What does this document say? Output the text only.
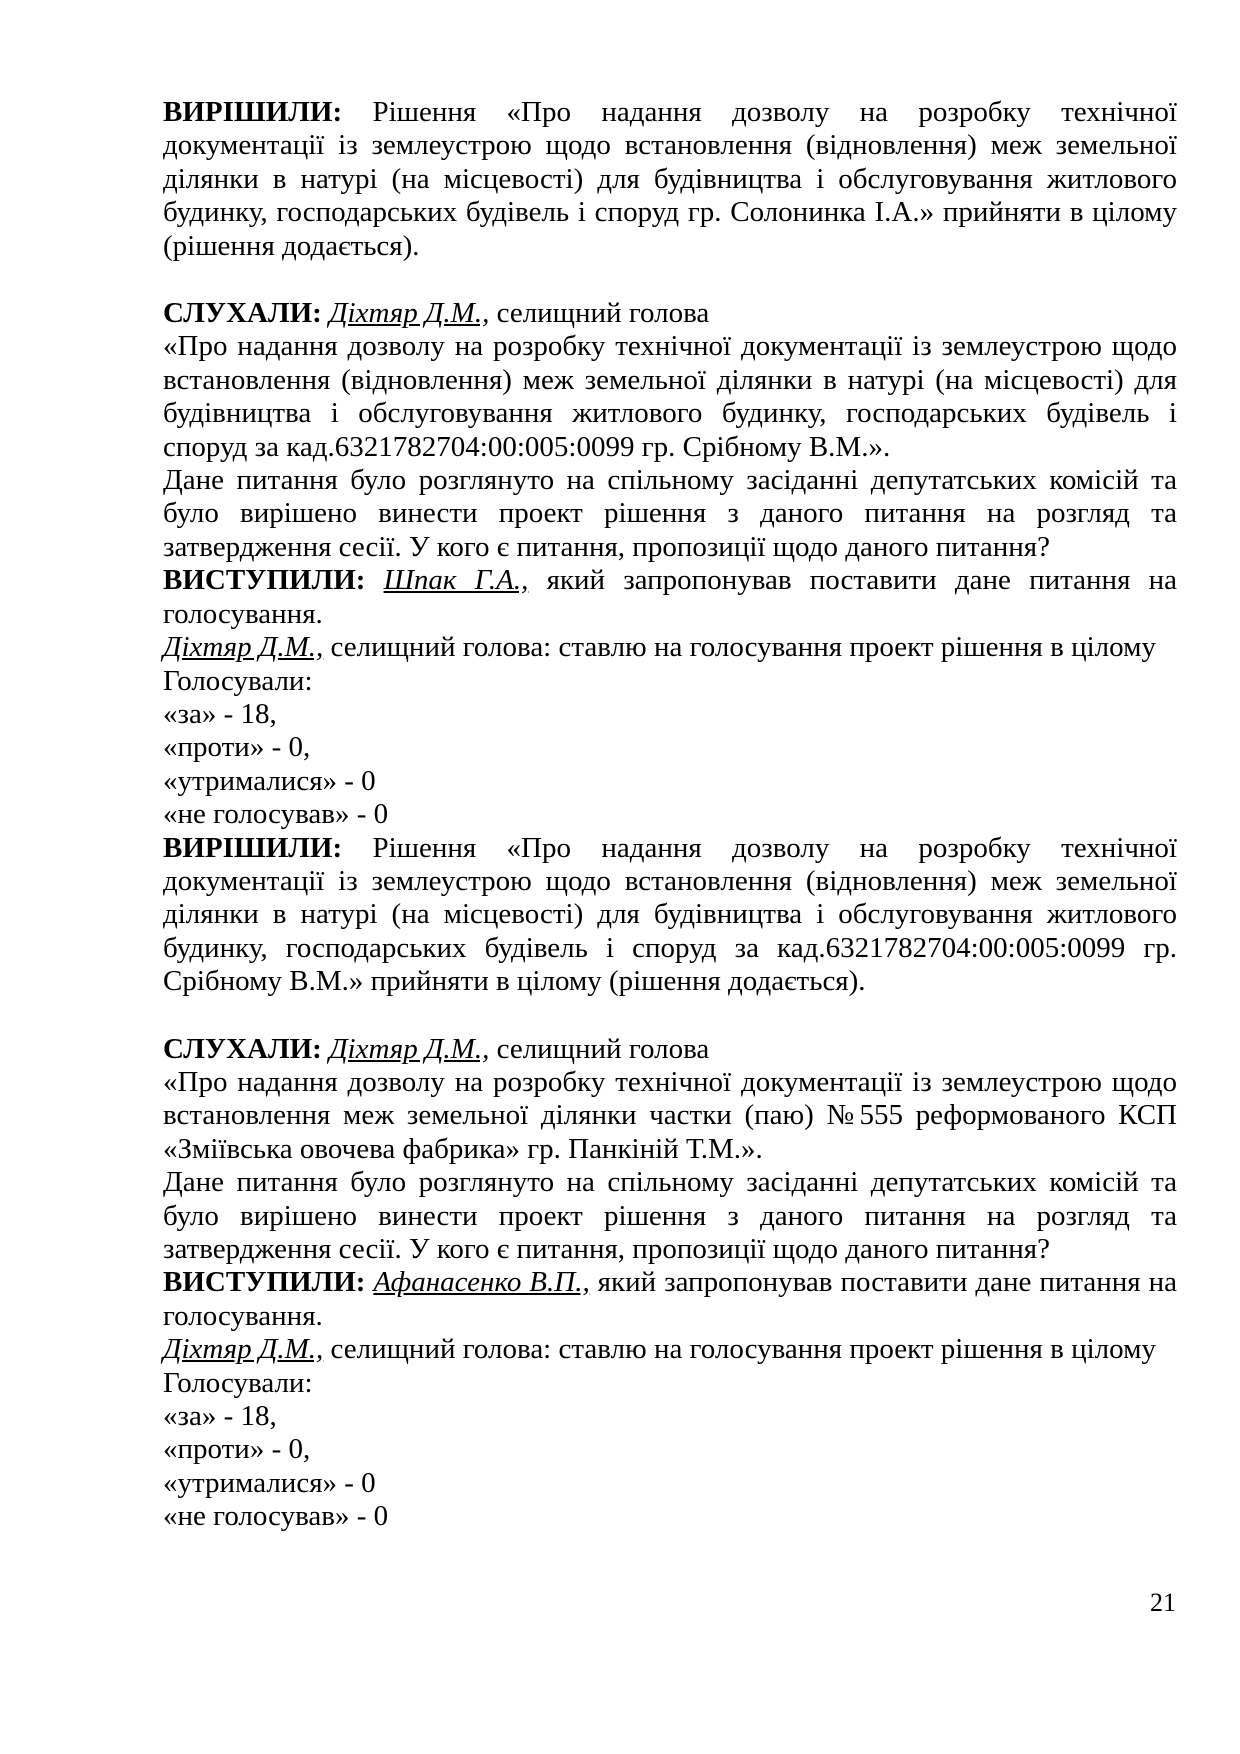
ВИРІШИЛИ: Рішення «Про надання дозволу на розробку технічної документації із землеустрою щодо встановлення (відновлення) меж земельної ділянки в натурі (на місцевості) для будівництва і обслуговування житлового будинку, господарських будівель і споруд гр. Солонинка І.А.» прийняти в цілому (рішення додається).

СЛУХАЛИ: Діхтяр Д.М., селищний голова

«Про надання дозволу на розробку технічної документації із землеустрою щодо встановлення (відновлення) меж земельної ділянки в натурі (на місцевості) для будівництва і обслуговування житлового будинку, господарських будівель і споруд за кад.6321782704:00:005:0099 гр. Срібному В.М.».

Дане питання було розглянуто на спільному засіданні депутатських комісій та було вирішено винести проект рішення з даного питання на розгляд та затвердження сесії. У кого є питання, пропозиції щодо даного питання?

ВИСТУПИЛИ: Шпак Г.А., який запропонував поставити дане питання на голосування.

Діхтяр Д.М., селищний голова: ставлю на голосування проект рішення в цілому

Голосували:

«за» - 18,

«проти» - 0,

«утрималися» - 0

«не голосував» - 0

ВИРІШИЛИ: Рішення «Про надання дозволу на розробку технічної документації із землеустрою щодо встановлення (відновлення) меж земельної ділянки в натурі (на місцевості) для будівництва і обслуговування житлового будинку, господарських будівель і споруд за кад.6321782704:00:005:0099 гр. Срібному В.М.» прийняти в цілому (рішення додається).

СЛУХАЛИ: Діхтяр Д.М., селищний голова

«Про надання дозволу на розробку технічної документації із землеустрою щодо встановлення меж земельної ділянки частки (паю) №555 реформованого КСП «Зміївська овочева фабрика» гр. Панкіній Т.М.».

Дане питання було розглянуто на спільному засіданні депутатських комісій та було вирішено винести проект рішення з даного питання на розгляд та затвердження сесії. У кого є питання, пропозиції щодо даного питання?

ВИСТУПИЛИ: Афанасенко В.П., який запропонував поставити дане питання на голосування.

Діхтяр Д.М., селищний голова: ставлю на голосування проект рішення в цілому

Голосували:

«за» - 18,

«проти» - 0,

«утрималися» - 0

«не голосував» - 0

21
